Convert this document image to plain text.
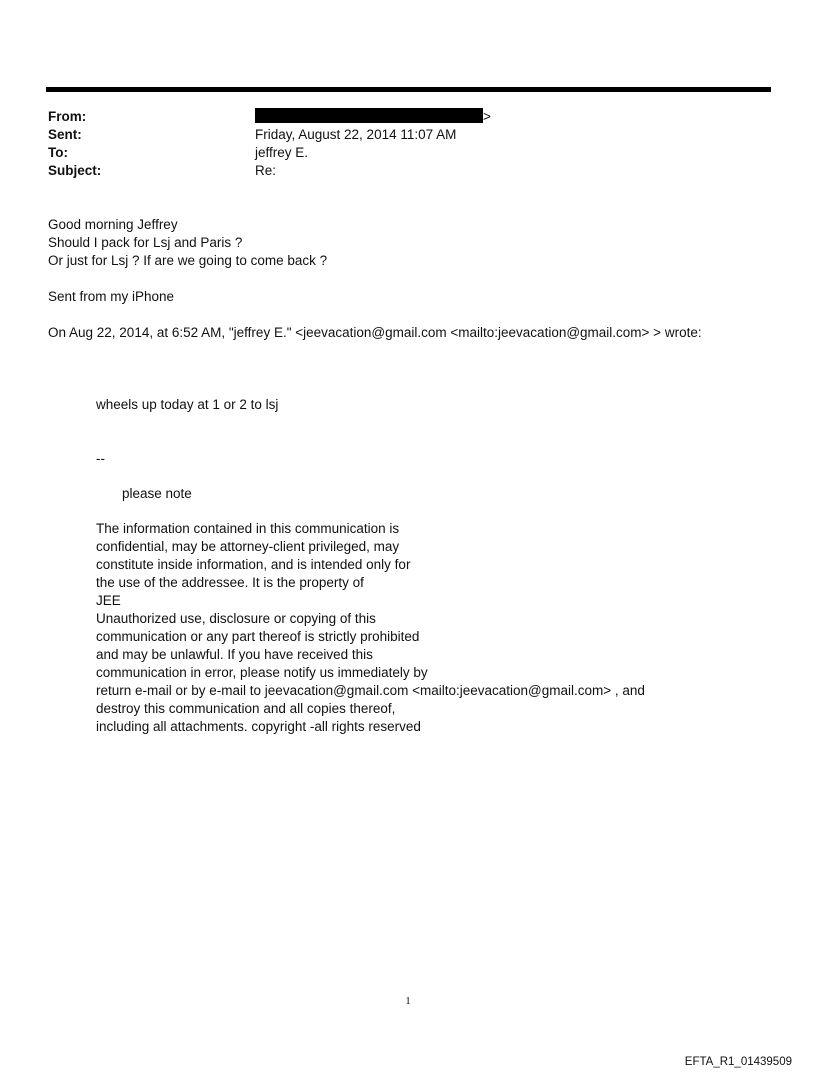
From:	>
Sent:	Friday, August 22, 2014 11:07 AM
To:	jeffrey E.
Subject:	Re:
Good morning Jeffrey
Should I pack for Lsj and Paris ?
Or just for Lsj ? If are we going to come back ?
Sent from my iPhone
On Aug 22, 2014, at 6:52 AM, "jeffrey E." <jeevacation@gmail.com <mailto:jeevacation@gmail.com> > wrote:
wheels up today at 1 or 2 to lsj
--
please note
The information contained in this communication is
confidential, may be attorney-client privileged, may
constitute inside information, and is intended only for
the use of the addressee. It is the property of
JEE
Unauthorized use, disclosure or copying of this
communication or any part thereof is strictly prohibited
and may be unlawful. If you have received this
communication in error, please notify us immediately by
return e-mail or by e-mail to jeevacation@gmail.com <mailto:jeevacation@gmail.com> , and
destroy this communication and all copies thereof,
including all attachments. copyright -all rights reserved
1
EFTA_R1_01439509
